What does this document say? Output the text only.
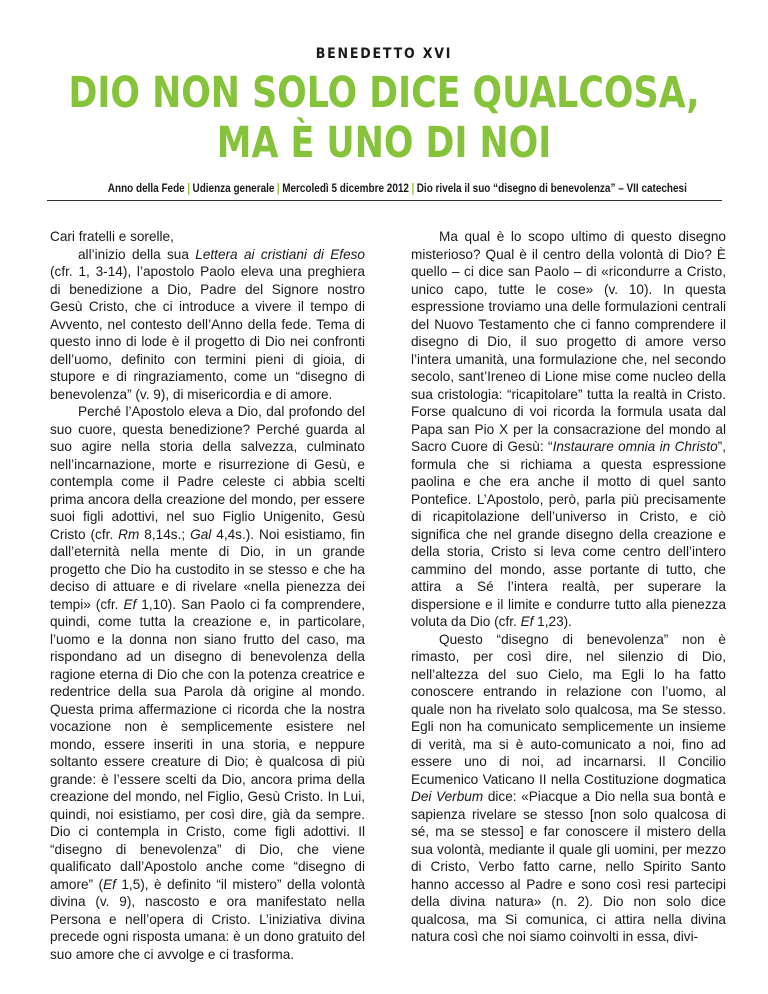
BENEDETTO XVI
DIO NON SOLO DICE QUALCOSA,
MA È UNO DI NOI
Anno della Fede | Udienza generale | Mercoledì 5 dicembre 2012 | Dio rivela il suo “disegno di benevolenza” – VII catechesi

Cari fratelli e sorelle,

all’inizio della sua Lettera ai cristiani di Efeso (cfr. 1, 3-14), l’apostolo Paolo eleva una preghiera di benedizione a Dio, Padre del Signore nostro Gesù Cristo, che ci introduce a vivere il tempo di Avvento, nel contesto dell’Anno della fede. Tema di questo inno di lode è il progetto di Dio nei confronti dell’uomo, definito con termini pieni di gioia, di stupore e di ringraziamento, come un “disegno di benevolenza” (v. 9), di misericordia e di amore.

Perché l’Apostolo eleva a Dio, dal profondo del suo cuore, questa benedizione? Perché guarda al suo agire nella storia della salvezza, culminato nell’incarnazione, morte e risurrezione di Gesù, e contempla come il Padre celeste ci abbia scelti prima ancora della creazione del mondo, per essere suoi figli adottivi, nel suo Figlio Unigenito, Gesù Cristo (cfr. Rm 8,14s.; Gal 4,4s.). Noi esistiamo, fin dall’eternità nella mente di Dio, in un grande progetto che Dio ha custodito in se stesso e che ha deciso di attuare e di rivelare «nella pienezza dei tempi» (cfr. Ef 1,10). San Paolo ci fa comprendere, quindi, come tutta la creazione e, in particolare, l’uomo e la donna non siano frutto del caso, ma rispondano ad un disegno di benevolenza della ragione eterna di Dio che con la potenza creatrice e redentrice della sua Parola dà origine al mondo. Questa prima affermazione ci ricorda che la nostra vocazione non è semplicemente esistere nel mondo, essere inseriti in una storia, e neppure soltanto essere creature di Dio; è qualcosa di più grande: è l’essere scelti da Dio, ancora prima della creazione del mondo, nel Figlio, Gesù Cristo. In Lui, quindi, noi esistiamo, per così dire, già da sempre. Dio ci contempla in Cristo, come figli adottivi. Il “disegno di benevolenza” di Dio, che viene qualificato dall’Apostolo anche come “disegno di amore” (Ef 1,5), è definito “il mistero” della volontà divina (v. 9), nascosto e ora manifestato nella Persona e nell’opera di Cristo. L’iniziativa divina precede ogni risposta umana: è un dono gratuito del suo amore che ci avvolge e ci trasforma.

Ma qual è lo scopo ultimo di questo disegno misterioso? Qual è il centro della volontà di Dio? È quello – ci dice san Paolo – di «ricondurre a Cristo, unico capo, tutte le cose» (v. 10). In questa espressione troviamo una delle formulazioni centrali del Nuovo Testamento che ci fanno comprendere il disegno di Dio, il suo progetto di amore verso l’intera umanità, una formulazione che, nel secondo secolo, sant’Ireneo di Lione mise come nucleo della sua cristologia: “ricapitolare” tutta la realtà in Cristo. Forse qualcuno di voi ricorda la formula usata dal Papa san Pio X per la consacrazione del mondo al Sacro Cuore di Gesù: “Instaurare omnia in Christo”, formula che si richiama a questa espressione paolina e che era anche il motto di quel santo Pontefice. L’Apostolo, però, parla più precisamente di ricapitolazione dell’universo in Cristo, e ciò significa che nel grande disegno della creazione e della storia, Cristo si leva come centro dell’intero cammino del mondo, asse portante di tutto, che attira a Sé l’intera realtà, per superare la dispersione e il limite e condurre tutto alla pienezza voluta da Dio (cfr. Ef 1,23).

Questo “disegno di benevolenza” non è rimasto, per così dire, nel silenzio di Dio, nell’altezza del suo Cielo, ma Egli lo ha fatto conoscere entrando in relazione con l’uomo, al quale non ha rivelato solo qualcosa, ma Se stesso. Egli non ha comunicato semplicemente un insieme di verità, ma si è auto-comunicato a noi, fino ad essere uno di noi, ad incarnarsi. Il Concilio Ecumenico Vaticano II nella Costituzione dogmatica Dei Verbum dice: «Piacque a Dio nella sua bontà e sapienza rivelare se stesso [non solo qualcosa di sé, ma se stesso] e far conoscere il mistero della sua volontà, mediante il quale gli uomini, per mezzo di Cristo, Verbo fatto carne, nello Spirito Santo hanno accesso al Padre e sono così resi partecipi della divina natura» (n. 2). Dio non solo dice qualcosa, ma Si comunica, ci attira nella divina natura così che noi siamo coinvolti in essa, divi-
